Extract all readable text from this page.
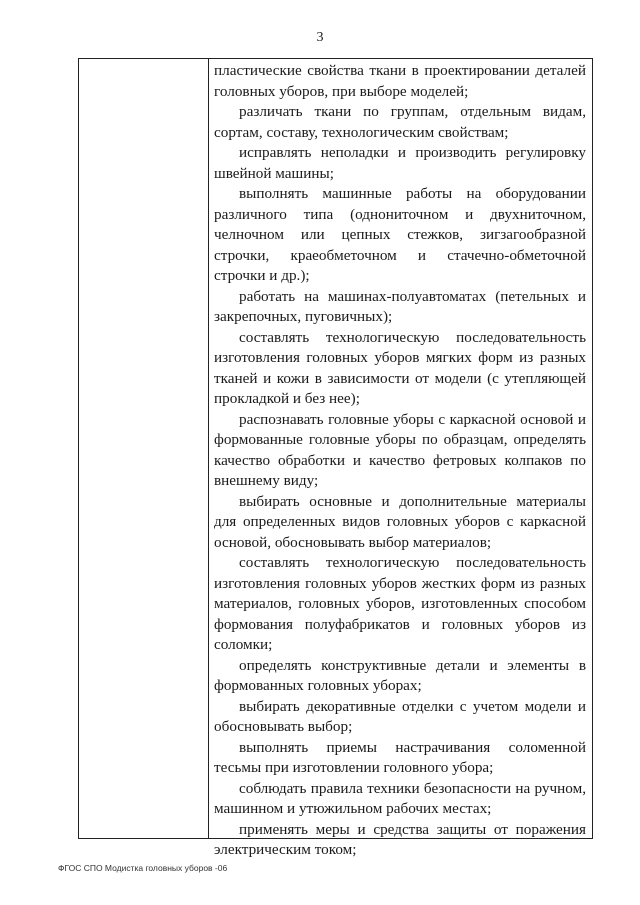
3

пластические свойства ткани в проектировании деталей головных уборов, при выборе моделей;

различать ткани по группам, отдельным видам, сортам, составу, технологическим свойствам;

исправлять неполадки и производить регулировку швейной машины;

выполнять машинные работы на оборудовании различного типа (однониточном и двухниточном, челночном или цепных стежков, зигзагообразной строчки, краеобметочном и стачечно-обметочной строчки и др.);

работать на машинах-полуавтоматах (петельных и закрепочных, пуговичных);

составлять технологическую последовательность изготовления головных уборов мягких форм из разных тканей и кожи в зависимости от модели (с утепляющей прокладкой и без нее);

распознавать головные уборы с каркасной основой и формованные головные уборы по образцам, определять качество обработки и качество фетровых колпаков по внешнему виду;

выбирать основные и дополнительные материалы для определенных видов головных уборов с каркасной основой, обосновывать выбор материалов;

составлять технологическую последовательность изготовления головных уборов жестких форм из разных материалов, головных уборов, изготовленных способом формования полуфабрикатов и головных уборов из соломки;

определять конструктивные детали и элементы в формованных головных уборах;

выбирать декоративные отделки с учетом модели и обосновывать выбор;

выполнять приемы настрачивания соломенной тесьмы при изготовлении головного убора;

соблюдать правила техники безопасности на ручном, машинном и утюжильном рабочих местах;

применять меры и средства защиты от поражения электрическим током;

ФГОС СПО Модистка головных уборов -06
